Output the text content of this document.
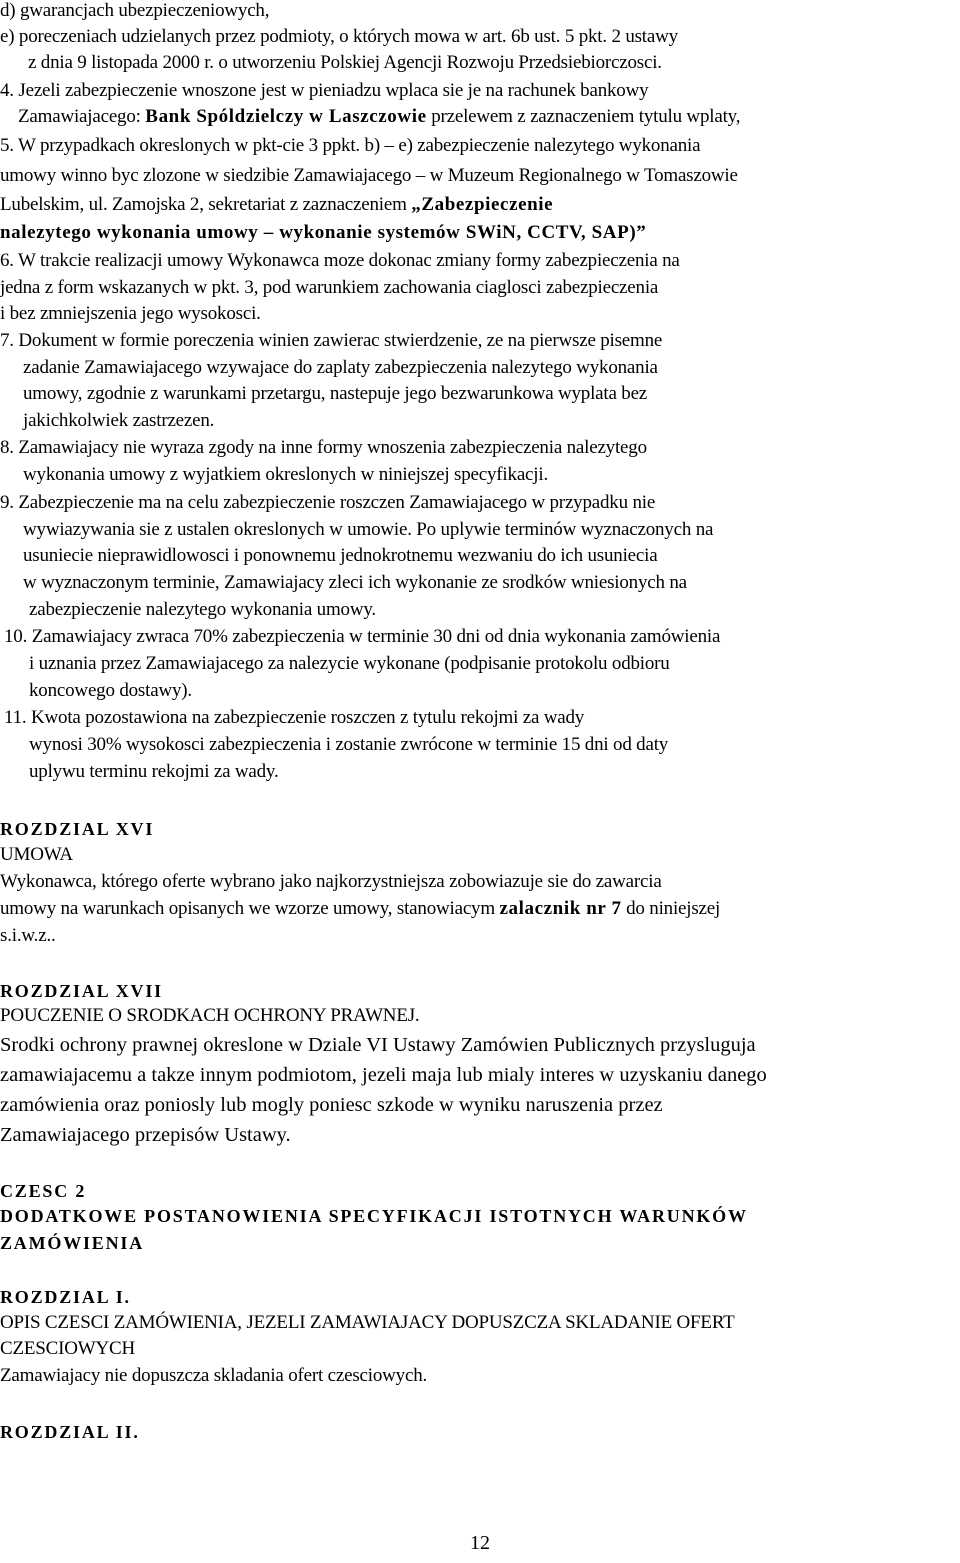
d) gwarancjach ubezpieczeniowych,
e) poreczeniach udzielanych przez podmioty, o których mowa w art. 6b ust. 5 pkt. 2 ustawy
z dnia 9 listopada 2000 r. o utworzeniu Polskiej Agencji Rozwoju Przedsiebiorczosci.
4. Jezeli zabezpieczenie wnoszone jest w pieniadzu wplaca sie je na rachunek bankowy
Zamawiajacego: Bank Spóldzielczy w Laszczowie przelewem z zaznaczeniem tytulu wplaty,
5. W przypadkach okreslonych w pkt-cie 3 ppkt. b) – e) zabezpieczenie nalezytego wykonania
umowy winno byc zlozone w siedzibie Zamawiajacego – w Muzeum Regionalnego w Tomaszowie
Lubelskim, ul. Zamojska 2, sekretariat z zaznaczeniem „Zabezpieczenie
nalezytego wykonania umowy – wykonanie systemów SWiN, CCTV, SAP)”
6. W trakcie realizacji umowy Wykonawca moze dokonac zmiany formy zabezpieczenia na
jedna z form wskazanych w pkt. 3, pod warunkiem zachowania ciaglosci zabezpieczenia
i bez zmniejszenia jego wysokosci.
7. Dokument w formie poreczenia winien zawierac stwierdzenie, ze na pierwsze pisemne
zadanie Zamawiajacego wzywajace do zaplaty zabezpieczenia nalezytego wykonania
umowy, zgodnie z warunkami przetargu, nastepuje jego bezwarunkowa wyplata bez
jakichkolwiek zastrzezen.
8. Zamawiajacy nie wyraza zgody na inne formy wnoszenia zabezpieczenia nalezytego
wykonania umowy z wyjatkiem okreslonych w niniejszej specyfikacji.
9. Zabezpieczenie ma na celu zabezpieczenie roszczen Zamawiajacego w przypadku nie
wywiazywania sie z ustalen okreslonych w umowie. Po uplywie terminów wyznaczonych na
usuniecie nieprawidlowosci i ponownemu jednokrotnemu wezwaniu do ich usuniecia
w wyznaczonym terminie, Zamawiajacy zleci ich wykonanie ze srodków wniesionych na
zabezpieczenie nalezytego wykonania umowy.
10. Zamawiajacy zwraca 70% zabezpieczenia w terminie 30 dni od dnia wykonania zamówienia
i uznania przez Zamawiajacego za nalezycie wykonane (podpisanie protokolu odbioru
koncowego dostawy).
11. Kwota pozostawiona na zabezpieczenie roszczen z tytulu rekojmi za wady
wynosi 30% wysokosci zabezpieczenia i zostanie zwrócone w terminie 15 dni od daty
uplywu terminu rekojmi za wady.
ROZDZIAL XVI
UMOWA
Wykonawca, którego oferte wybrano jako najkorzystniejsza zobowiazuje sie do zawarcia
umowy na warunkach opisanych we wzorze umowy, stanowiacym zalacznik nr 7 do niniejszej
s.i.w.z..
ROZDZIAL XVII
POUCZENIE O SRODKACH OCHRONY PRAWNEJ.
Srodki ochrony prawnej okreslone w Dziale VI Ustawy Zamówien Publicznych przysluguja
zamawiajacemu a takze innym podmiotom, jezeli maja lub mialy interes w uzyskaniu danego
zamówienia oraz poniosly lub mogly poniesc szkode w wyniku naruszenia przez
Zamawiajacego przepisów Ustawy.
CZESC 2
DODATKOWE POSTANOWIENIA SPECYFIKACJI ISTOTNYCH WARUNKÓW
ZAMÓWIENIA
ROZDZIAL I.
OPIS CZESCI ZAMÓWIENIA, JEZELI ZAMAWIAJACY DOPUSZCZA SKLADANIE OFERT
CZESCIOWYCH
Zamawiajacy nie dopuszcza skladania ofert czesciowych.
ROZDZIAL II.
12
